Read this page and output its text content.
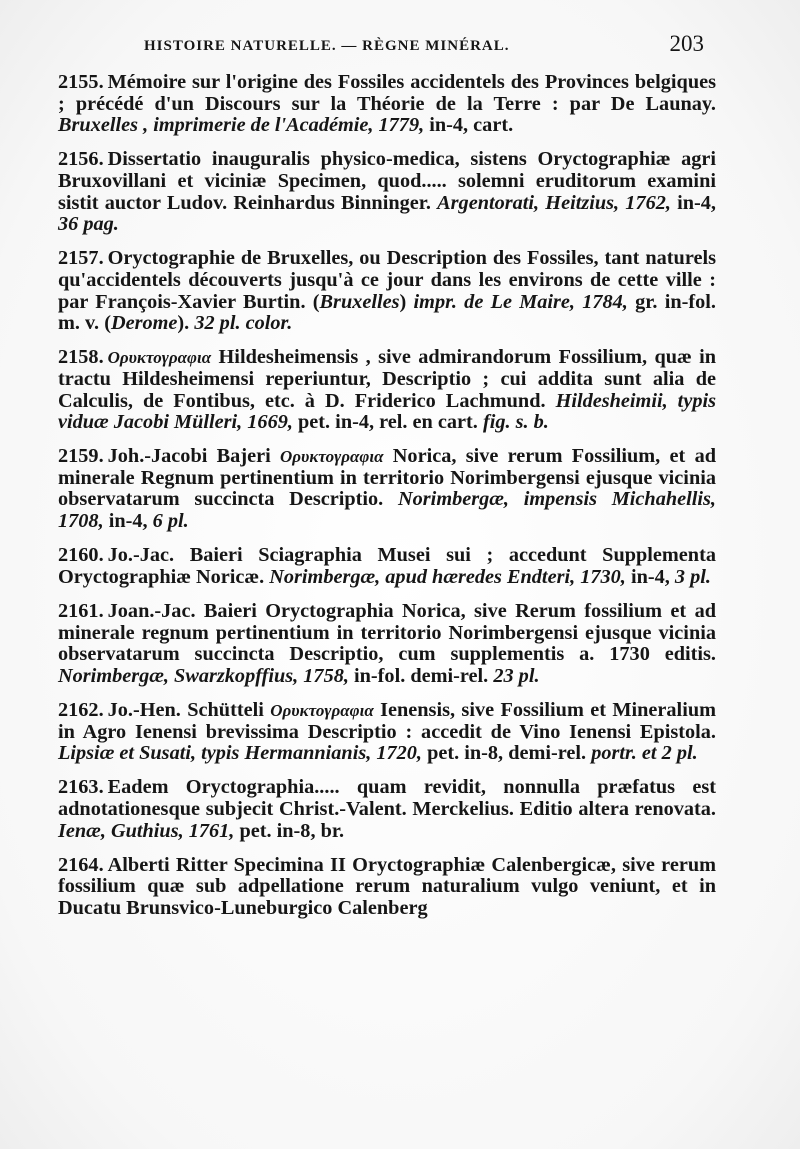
HISTOIRE NATURELLE. — RÈGNE MINÉRAL.	203

2155. Mémoire sur l'origine des Fossiles accidentels des Provinces belgiques ; précédé d'un Discours sur la Théorie de la Terre : par De Launay. Bruxelles , imprimerie de l'Académie, 1779, in-4, cart.

2156. Dissertatio inauguralis physico-medica, sistens Oryctographiæ agri Bruxovillani et viciniæ Specimen, quod..... solemni eruditorum examini sistit auctor Ludov. Reinhardus Binninger. Argentorati, Heitzius, 1762, in-4, 36 pag.

2157. Oryctographie de Bruxelles, ou Description des Fossiles, tant naturels qu'accidentels découverts jusqu'à ce jour dans les environs de cette ville : par François-Xavier Burtin. (Bruxelles) impr. de Le Maire, 1784, gr. in-fol. m. v. (Derome). 32 pl. color.

2158. Ορυκτογραφια Hildesheimensis , sive admirandorum Fossilium, quæ in tractu Hildesheimensi reperiuntur, Descriptio ; cui addita sunt alia de Calculis, de Fontibus, etc. à D. Friderico Lachmund. Hildesheimii, typis viduæ Jacobi Mülleri, 1669, pet. in-4, rel. en cart. fig. s. b.

2159. Joh.-Jacobi Bajeri Ορυκτογραφια Norica, sive rerum Fossilium, et ad minerale Regnum pertinentium in territorio Norimbergensi ejusque vicinia observatarum succincta Descriptio. Norimbergæ, impensis Michahellis, 1708, in-4, 6 pl.

2160. Jo.-Jac. Baieri Sciagraphia Musei sui ; accedunt Supplementa Oryctographiæ Noricæ. Norimbergæ, apud hæredes Endteri, 1730, in-4, 3 pl.

2161. Joan.-Jac. Baieri Oryctographia Norica, sive Rerum fossilium et ad minerale regnum pertinentium in territorio Norimbergensi ejusque vicinia observatarum succincta Descriptio, cum supplementis a. 1730 editis. Norimbergæ, Swarzkopffius, 1758, in-fol. demi-rel. 23 pl.

2162. Jo.-Hen. Schütteli Ορυκτογραφια Ienensis, sive Fossilium et Mineralium in Agro Ienensi brevissima Descriptio : accedit de Vino Ienensi Epistola. Lipsiæ et Susati, typis Hermannianis, 1720, pet. in-8, demi-rel. portr. et 2 pl.

2163. Eadem Oryctographia..... quam revidit, nonnulla præfatus est adnotationesque subjecit Christ.-Valent. Merckelius. Editio altera renovata. Ienæ, Guthius, 1761, pet. in-8, br.

2164. Alberti Ritter Specimina II Oryctographiæ Calenbergicæ, sive rerum fossilium quæ sub adpellatione rerum naturalium vulgo veniunt, et in Ducatu Brunsvico-Luneburgico Calenberg
